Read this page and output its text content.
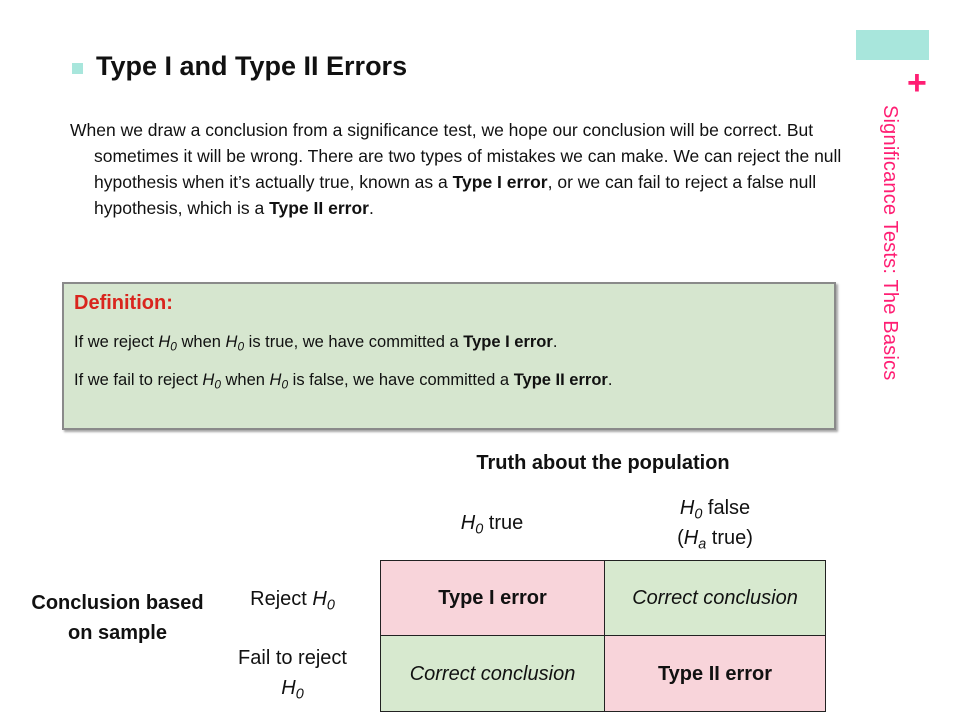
+
Significance Tests: The Basics
Type I and Type II Errors

When we draw a conclusion from a significance test, we hope our conclusion will be correct. But sometimes it will be wrong. There are two types of mistakes we can make. We can reject the null hypothesis when it’s actually true, known as a Type I error, or we can fail to reject a false null hypothesis, which is a Type II error.

Definition:
If we reject $H_0$ when $H_0$ is true, we have committed a Type I error.
If we fail to reject $H_0$ when $H_0$ is false, we have committed a Type II error.
Truth about the population
$H_0$ true
$H_0$ false
($H_a$ true)
Conclusion based on sample
Reject $H_0$
Fail to reject
$H_0$
Type I error	Correct conclusion
Correct conclusion	Type II error
